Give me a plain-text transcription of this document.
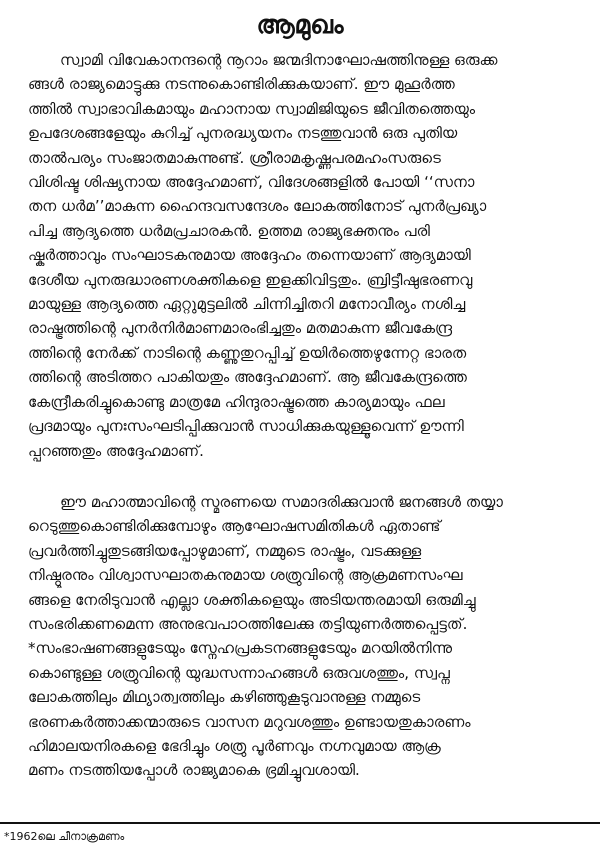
ആമുഖം
സ്വാമി വിവേകാനന്ദന്റെ നൂറാം ജന്മദിനാഘോഷത്തിനുള്ള ഒരുക്ക
ങ്ങൾ രാജ്യമൊട്ടുക്കു നടന്നുകൊണ്ടിരിക്കുകയാണ്. ഈ മുഹൂർത്ത
ത്തിൽ സ്വാഭാവികമായും മഹാനായ സ്വാമിജിയുടെ ജീവിതത്തെയും
ഉപദേശങ്ങളേയും കുറിച്ച് പുനരദ്ധ്യയനം നടത്തുവാൻ ഒരു പുതിയ
താൽപര്യം സംജാതമാകുന്നുണ്ട്. ശ്രീരാമകൃഷ്ണപരമഹംസരുടെ
വിശിഷ്ട ശിഷ്യനായ അദ്ദേഹമാണ്, വിദേശങ്ങളിൽ പോയി ‘‘സനാ
തന ധർമ’’മാകുന്ന ഹൈന്ദവസന്ദേശം ലോകത്തിനോട് പുനർപ്രഖ്യാ
പിച്ച ആദ്യത്തെ ധർമപ്രചാരകൻ. ഉത്തമ രാജ്യഭക്തനും പരി
ഷ്കർത്താവും സംഘാടകനുമായ അദ്ദേഹം തന്നെയാണ് ആദ്യമായി
ദേശീയ പുനരുദ്ധാരണശക്തികളെ ഇളക്കിവിട്ടതും. ബ്രിട്ടീഷുഭരണവു
മായുള്ള ആദ്യത്തെ ഏറ്റുമുട്ടലിൽ ചിന്നിച്ചിതറി മനോവീര്യം നശിച്ച
രാഷ്ട്രത്തിന്റെ പുനർനിർമാണമാരംഭിച്ചതും മതമാകുന്ന ജീവകേന്ദ്ര
ത്തിന്റെ നേർക്ക് നാടിന്റെ കണ്ണുതുറപ്പിച്ച് ഉയിർത്തെഴുന്നേറ്റ ഭാരത
ത്തിന്റെ അടിത്തറ പാകിയതും അദ്ദേഹമാണ്. ആ ജീവകേന്ദ്രത്തെ
കേന്ദ്രീകരിച്ചുകൊണ്ടു മാത്രമേ ഹിന്ദുരാഷ്ട്രത്തെ കാര്യമായും ഫല
പ്രദമായും പുനഃസംഘടിപ്പിക്കുവാൻ സാധിക്കുകയുള്ളൂവെന്ന് ഊന്നി
പ്പറഞ്ഞതും അദ്ദേഹമാണ്.
ഈ മഹാത്മാവിന്റെ സ്മരണയെ സമാദരിക്കുവാൻ ജനങ്ങൾ തയ്യാ
റെടുത്തുകൊണ്ടിരിക്കുമ്പോഴും ആഘോഷസമിതികൾ ഏതാണ്ട്
പ്രവർത്തിച്ചുതുടങ്ങിയപ്പോഴുമാണ്, നമ്മുടെ രാഷ്ട്രം, വടക്കുള്ള
നിഷ്ഠൂരനും വിശ്വാസഘാതകനുമായ ശത്രുവിന്റെ ആക്രമണസംഘ
ങ്ങളെ നേരിടുവാൻ എല്ലാ ശക്തികളെയും അടിയന്തരമായി ഒരുമിച്ചു
സംഭരിക്കണമെന്ന അനുഭവപാഠത്തിലേക്കു തട്ടിയുണർത്തപ്പെട്ടത്.
*സംഭാഷണങ്ങളുടേയും സ്നേഹപ്രകടനങ്ങളുടേയും മറയിൽനിന്നു
കൊണ്ടുള്ള ശത്രുവിന്റെ യുദ്ധസന്നാഹങ്ങൾ ഒരുവശത്തും, സ്വപ്ന
ലോകത്തിലും മിഥ്യാത്വത്തിലും കഴിഞ്ഞുകൂടുവാനുള്ള നമ്മുടെ
ഭരണകർത്താക്കന്മാരുടെ വാസന മറുവശത്തും ഉണ്ടായതുകാരണം
ഹിമാലയനിരകളെ ഭേദിച്ചും ശത്രു പൂർണവും നഗ്നവുമായ ആക്ര
മണം നടത്തിയപ്പോൾ രാജ്യമാകെ ഭ്രമിച്ചുവശായി.
*1962ലെ ചീനാക്രമണം
